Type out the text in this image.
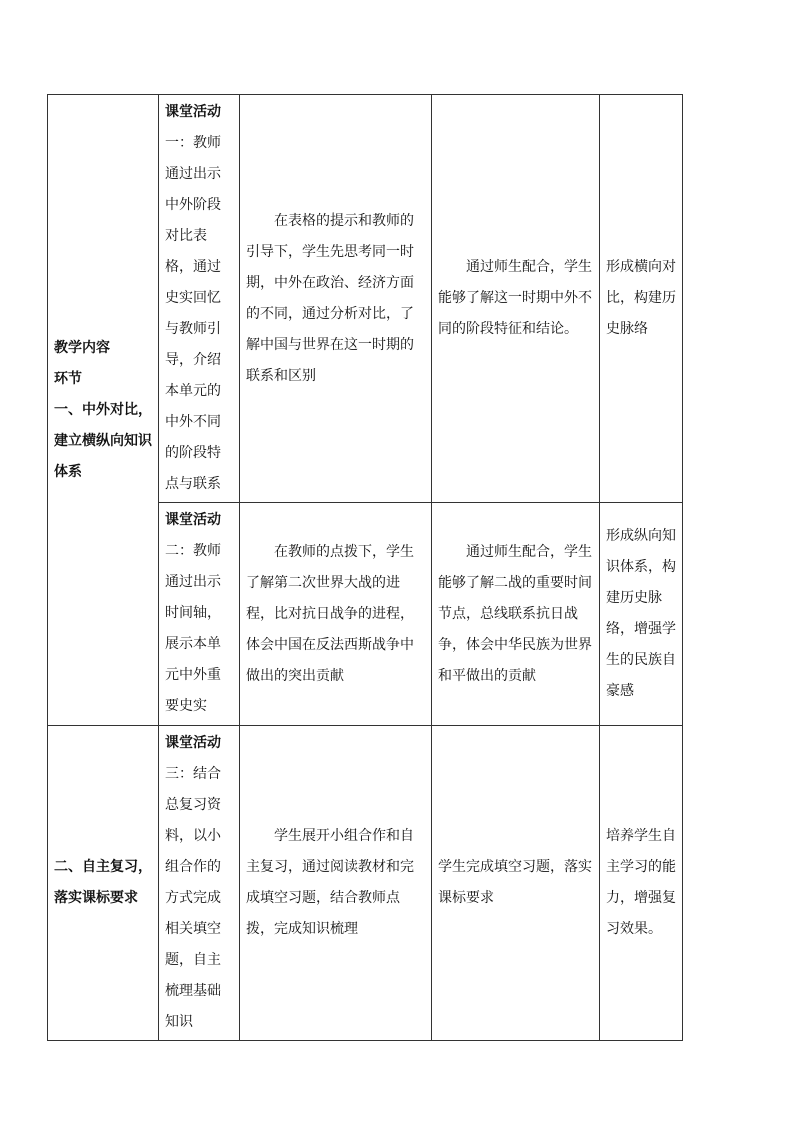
教学内容
环节
一、中外对比，建立横纵向知识体系	课堂活动一：教师通过出示中外阶段对比表格，通过史实回忆与教师引导，介绍本单元的中外不同的阶段特点与联系	在表格的提示和教师的引导下，学生先思考同一时期，中外在政治、经济方面的不同，通过分析对比，了解中国与世界在这一时期的联系和区别	通过师生配合，学生能够了解这一时期中外不同的阶段特征和结论。	形成横向对比，构建历史脉络
	课堂活动二：教师通过出示时间轴，展示本单元中外重要史实	在教师的点拨下，学生了解第二次世界大战的进程，比对抗日战争的进程，体会中国在反法西斯战争中做出的突出贡献	通过师生配合，学生能够了解二战的重要时间节点，总线联系抗日战争，体会中华民族为世界和平做出的贡献	形成纵向知识体系，构建历史脉络，增强学生的民族自豪感

二、自主复习，落实课标要求	课堂活动三：结合总复习资料，以小组合作的方式完成相关填空题，自主梳理基础知识	学生展开小组合作和自主复习，通过阅读教材和完成填空习题，结合教师点拨，完成知识梳理	学生完成填空习题，落实课标要求	培养学生自主学习的能力，增强复习效果。
